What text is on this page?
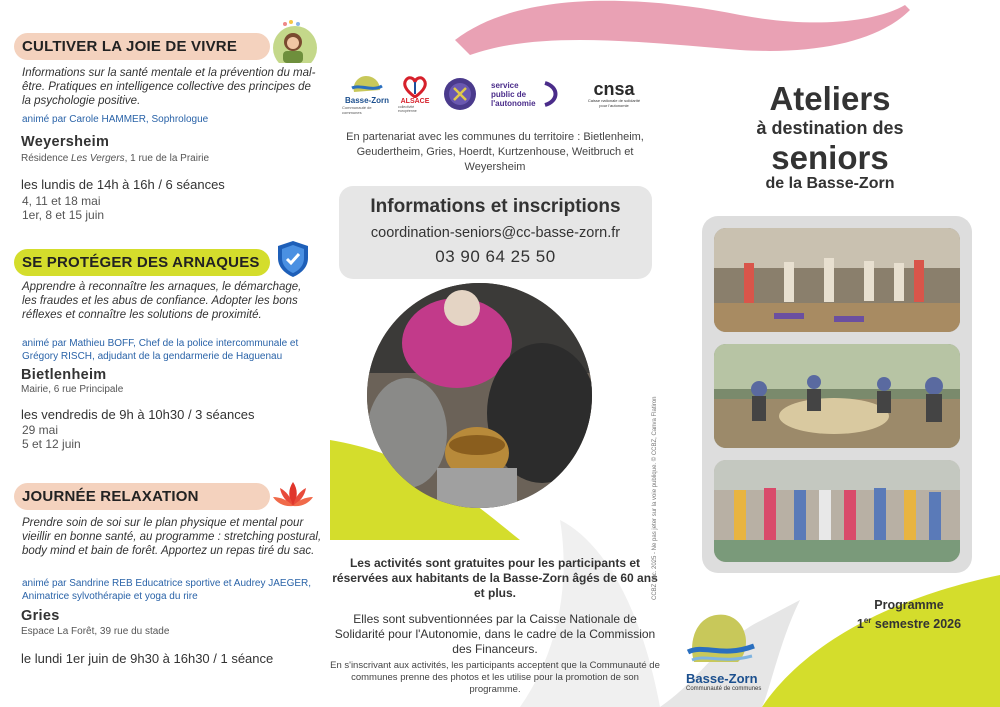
CULTIVER LA JOIE DE VIVRE
Informations sur la santé mentale et la prévention du mal-être. Pratiques en intelligence collective des principes de la psychologie positive.
animé par Carole HAMMER, Sophrologue
Weyersheim
Résidence Les Vergers, 1 rue de la Prairie
les lundis de 14h à 16h / 6 séances
4, 11 et 18 mai
1er, 8 et 15 juin
SE PROTÉGER DES ARNAQUES
Apprendre à reconnaître les arnaques, le démarchage, les fraudes et les abus de confiance. Adopter les bons réflexes et connaître les solutions de proximité.
animé par Mathieu BOFF, Chef de la police intercommunale et Grégory RISCH, adjudant de la gendarmerie de Haguenau
Bietlenheim
Mairie, 6 rue Principale
les vendredis de 9h à 10h30 / 3 séances
29 mai
5 et 12 juin
JOURNÉE RELAXATION
Prendre soin de soi sur le plan physique et mental pour vieillir en bonne santé, au programme : stretching postural, body mind et bain de forêt. Apportez un repas tiré du sac.
animé par Sandrine REB Educatrice sportive et Audrey JAEGER, Animatrice sylvothérapie et yoga du rire
Gries
Espace La Forêt, 39 rue du stade
le lundi 1er juin de 9h30 à 16h30 / 1 séance
Basse-Zorn
Communauté de communes
ALSACE
collectivité européenne
service public de l'autonomie
cnsa
Caisse nationale de solidarité pour l'autonomie
En partenariat avec les communes du territoire : Bietlenheim, Geudertheim, Gries, Hoerdt, Kurtzenhouse, Weitbruch et Weyersheim
Informations et inscriptions
coordination-seniors@cc-basse-zorn.fr
03 90 64 25 50
Les activités sont gratuites pour les participants et réservées aux habitants de la Basse-Zorn âgés de 60 ans et plus.
Elles sont subventionnées par la Caisse Nationale de Solidarité pour l'Autonomie, dans le cadre de la Commission des Financeurs.
En s'inscrivant aux activités, les participants acceptent que la Communauté de communes prenne des photos et les utilise pour la promotion de son programme.
CCBZ déc. 2025 - Ne pas jeter sur la voie publique. © CCBZ, Canva Flatiron
Ateliers
à destination des
seniors
de la Basse-Zorn
Programme
1er semestre 2026
Basse-Zorn
Communauté de communes
